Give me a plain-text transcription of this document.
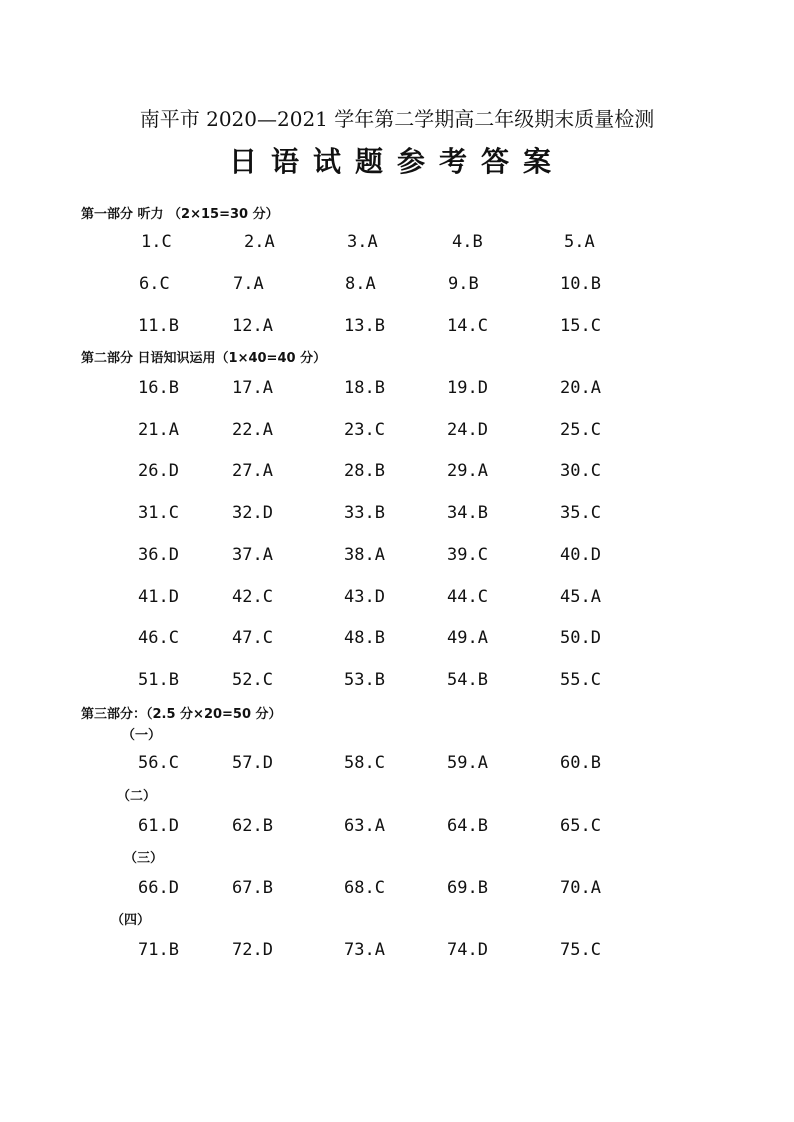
南平市 2020—2021 学年第二学期高二年级期末质量检测
日语试题参考答案
第一部分 听力 （2×15=30 分）
1.C	2.A	3.A	4.B	5.A
6.C	7.A	8.A	9.B	10.B
11.B	12.A	13.B	14.C	15.C
第二部分 日语知识运用（1×40=40 分）
16.B	17.A	18.B	19.D	20.A
21.A	22.A	23.C	24.D	25.C
26.D	27.A	28.B	29.A	30.C
31.C	32.D	33.B	34.B	35.C
36.D	37.A	38.A	39.C	40.D
41.D	42.C	43.D	44.C	45.A
46.C	47.C	48.B	49.A	50.D
51.B	52.C	53.B	54.B	55.C
第三部分：（2.5 分×20=50 分）
（一）
56.C	57.D	58.C	59.A	60.B
（二）
61.D	62.B	63.A	64.B	65.C
（三）
66.D	67.B	68.C	69.B	70.A
（四）
71.B	72.D	73.A	74.D	75.C
